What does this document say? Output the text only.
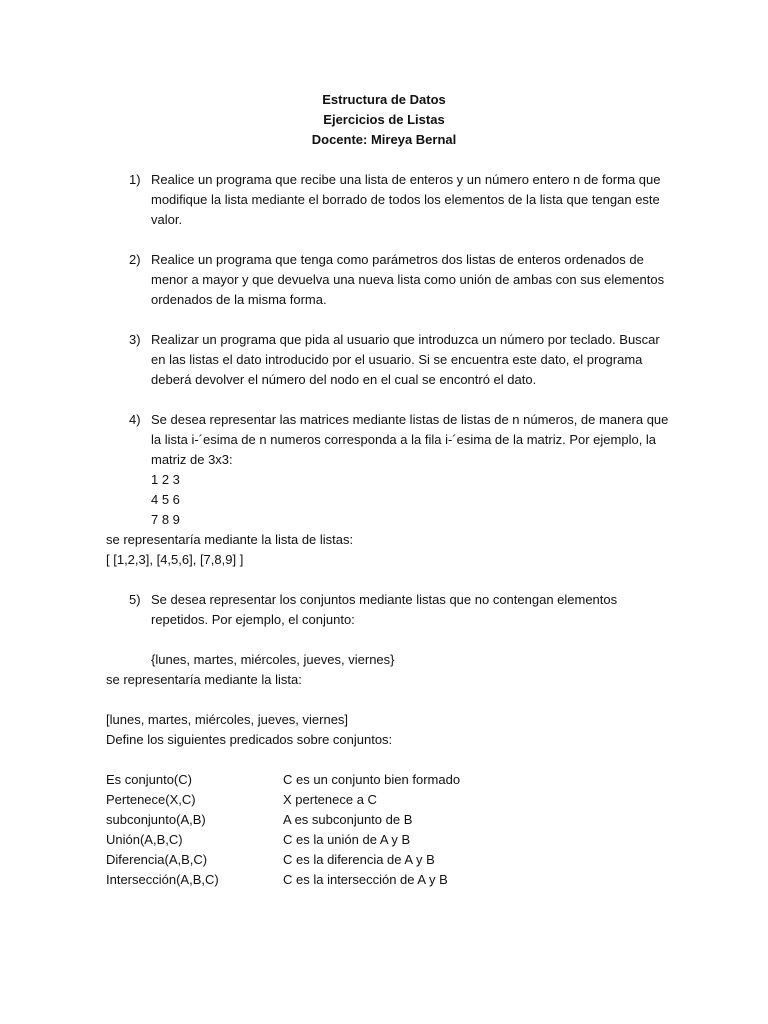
Estructura de Datos
Ejercicios de Listas
Docente: Mireya Bernal
1) Realice un programa que recibe una lista de enteros y un número entero n de forma que
modifique la lista mediante el borrado de todos los elementos de la lista que tengan este
valor.
2) Realice un programa que tenga como parámetros dos listas de enteros ordenados de
menor a mayor y que devuelva una nueva lista como unión de ambas con sus elementos
ordenados de la misma forma.
3) Realizar un programa que pida al usuario que introduzca un número por teclado. Buscar
en las listas el dato introducido por el usuario. Si se encuentra este dato, el programa
deberá devolver el número del nodo en el cual se encontró el dato.
4) Se desea representar las matrices mediante listas de listas de n números, de manera que
la lista i-´esima de n numeros corresponda a la fila i-´esima de la matriz. Por ejemplo, la
matriz de 3x3:
1 2 3
4 5 6
7 8 9
se representaría mediante la lista de listas:
[ [1,2,3], [4,5,6], [7,8,9] ]
5) Se desea representar los conjuntos mediante listas que no contengan elementos
repetidos. Por ejemplo, el conjunto:
{lunes, martes, miércoles, jueves, viernes}
se representaría mediante la lista:
[lunes, martes, miércoles, jueves, viernes]
Define los siguientes predicados sobre conjuntos:
Es conjunto(C)	C es un conjunto bien formado
Pertenece(X,C)	X pertenece a C
subconjunto(A,B)	A es subconjunto de B
Unión(A,B,C)	C es la unión de A y B
Diferencia(A,B,C)	C es la diferencia de A y B
Intersección(A,B,C)	C es la intersección de A y B
